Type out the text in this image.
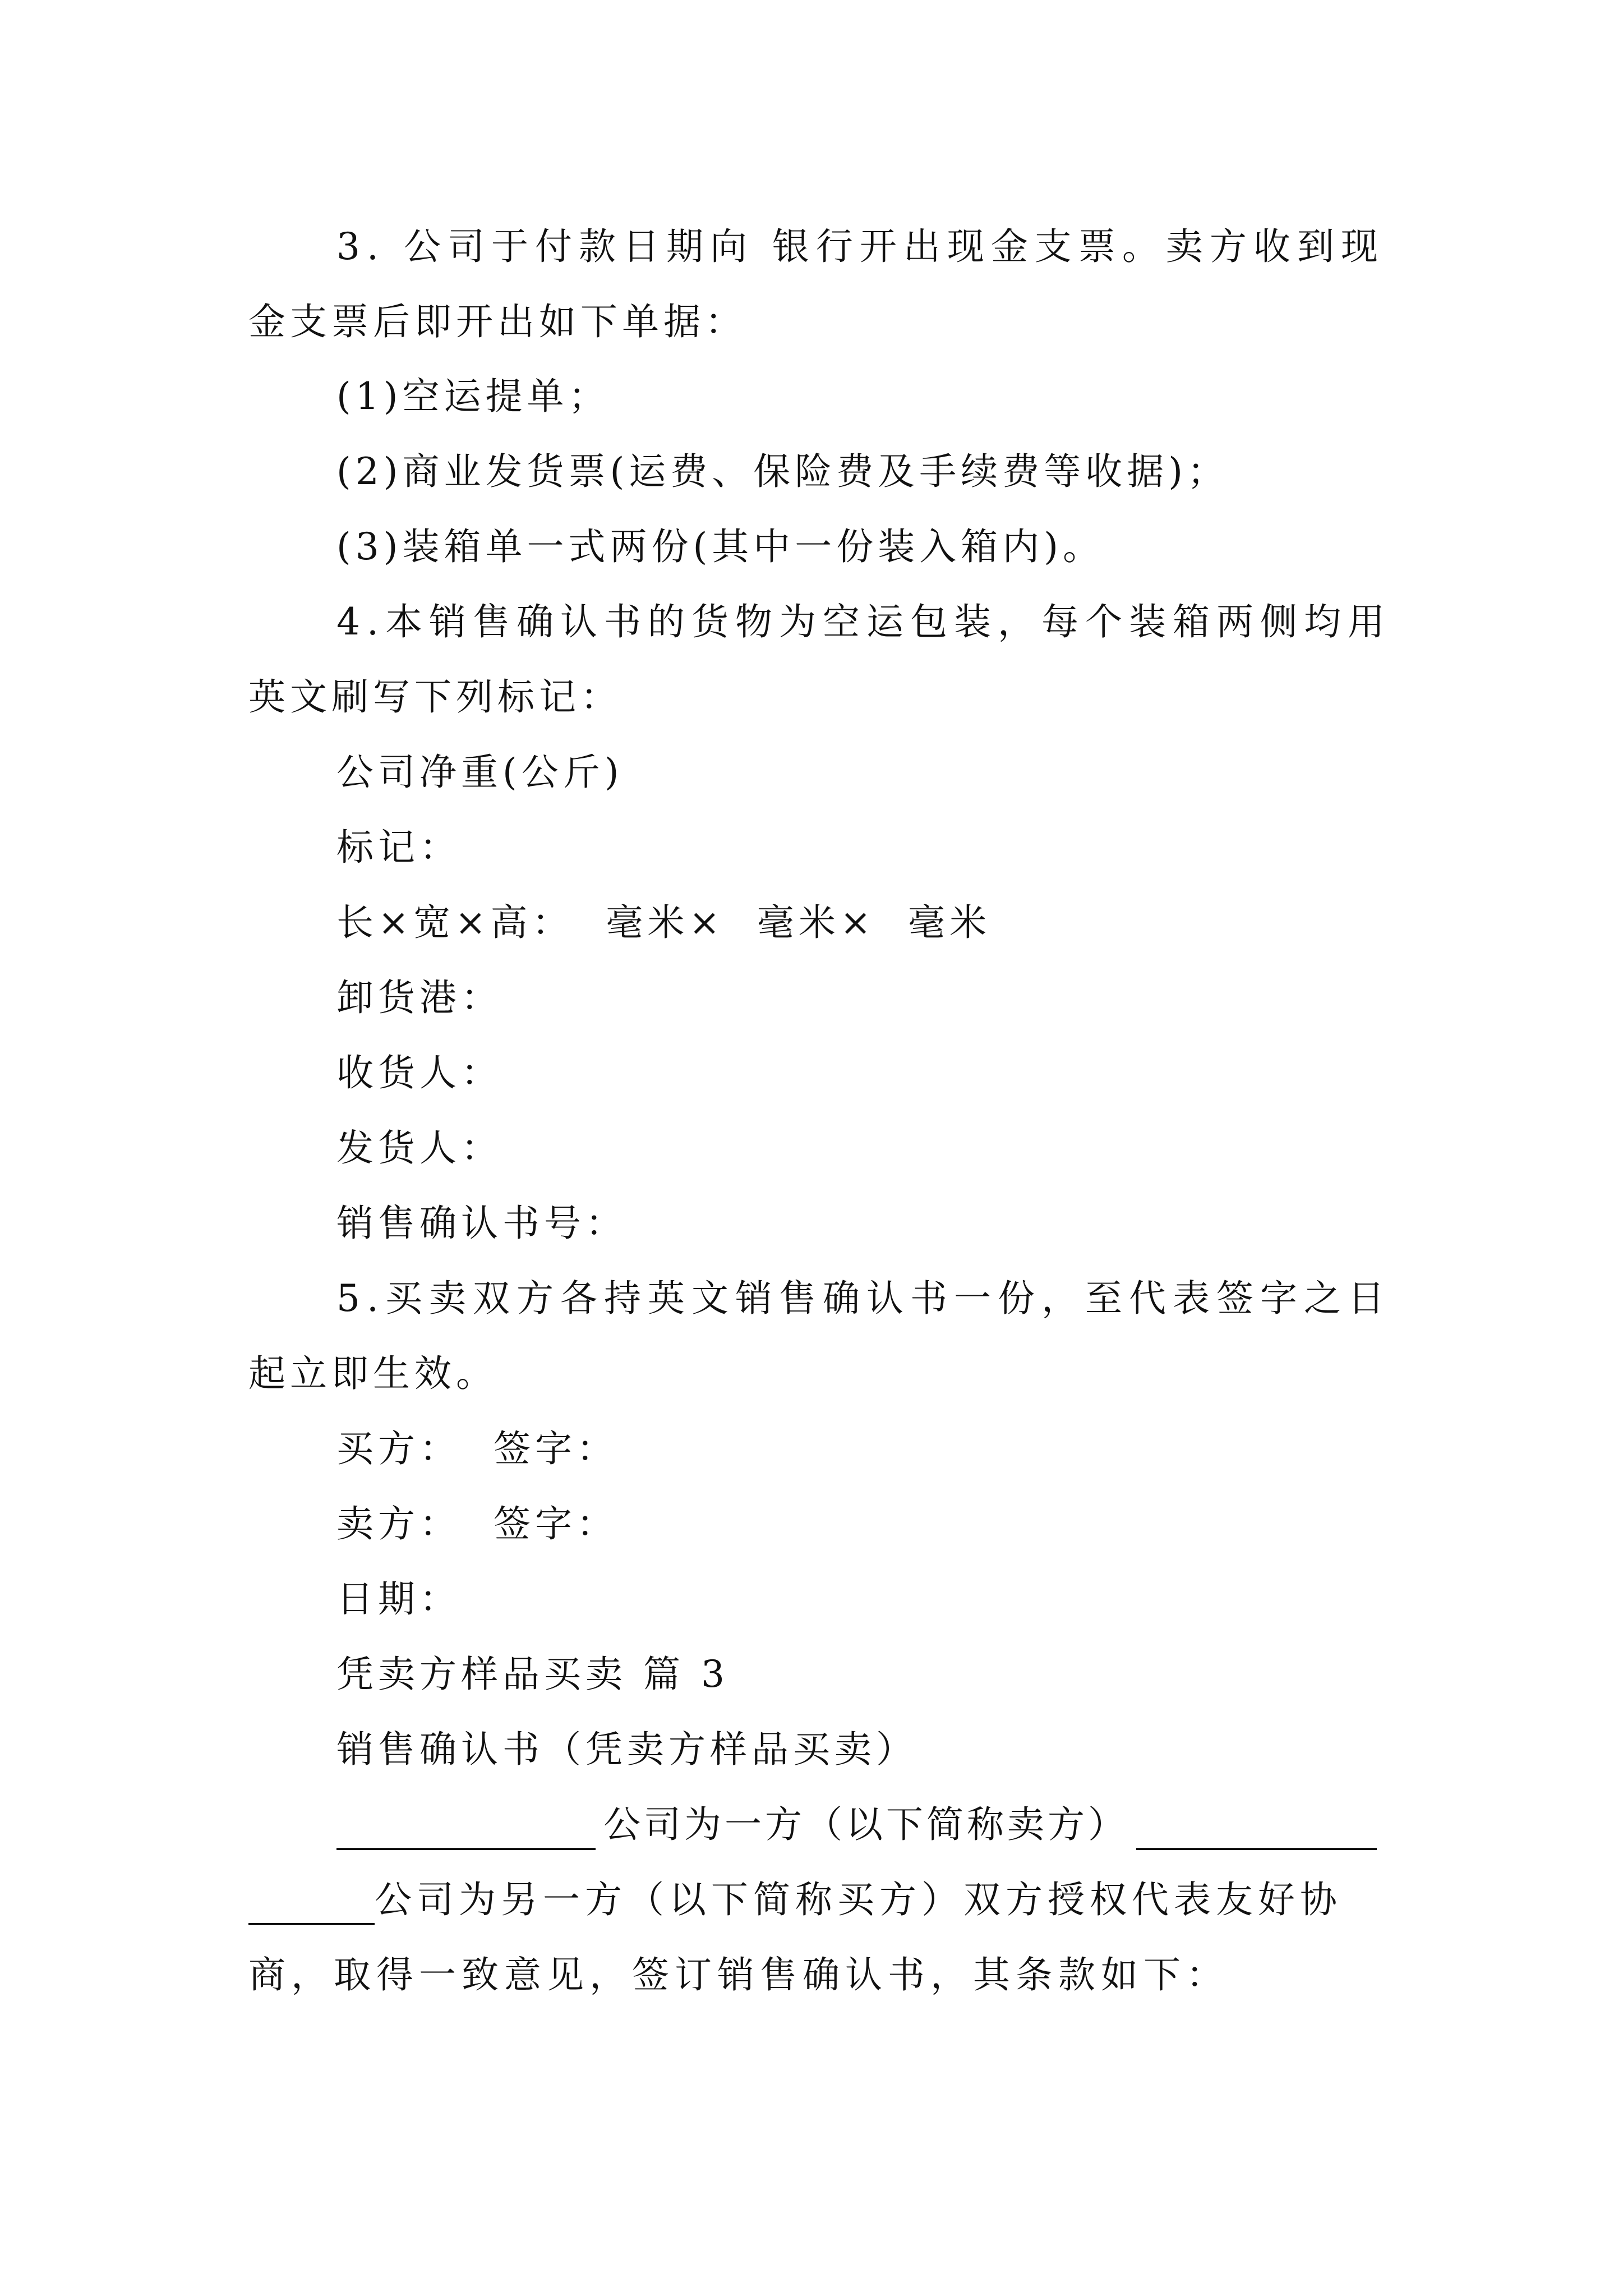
3. 公司于付款日期向 银行开出现金支票。卖方收到现
金支票后即开出如下单据：
(1)空运提单；
(2)商业发货票(运费、保险费及手续费等收据)；
(3)装箱单一式两份(其中一份装入箱内)。
4.本销售确认书的货物为空运包装，每个装箱两侧均用
英文刷写下列标记：
公司净重(公斤)
标记：
长×宽×高：  毫米×  毫米×  毫米
卸货港：
收货人：
发货人：
销售确认书号：
5.买卖双方各持英文销售确认书一份，至代表签字之日
起立即生效。
买方：  签字：
卖方：  签字：
日期：
凭卖方样品买卖 篇 3
销售确认书（凭卖方样品买卖）
公司为一方（以下简称卖方）
公司为另一方（以下简称买方）双方授权代表友好协
商，取得一致意见，签订销售确认书，其条款如下：
